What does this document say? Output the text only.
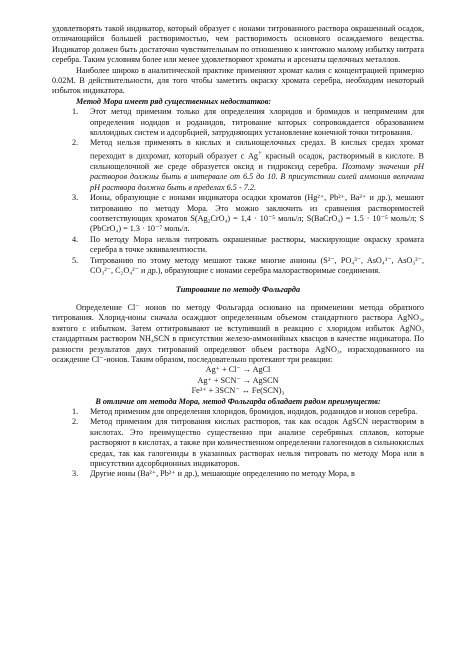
удовлетворять такой индикатор, который образует с ионами титрованного раствора окрашенный осадок, отличающийся большей растворимостью, чем растворимость основного осаждаемого вещества. Индикатор должен быть достаточно чувствительным по отношению к ничтожно малому избытку нитрата серебра. Таким условиям более или менее удовлетворяют хроматы и арсенаты щелочных металлов.

Наиболее широко в аналитической практике применяют хромат калия с концентрацией примерно 0.02М. В действительности, для того чтобы заметить окраску хромата серебра, необходим некоторый избыток индикатора.

Метод Мора имеет ряд существенных недостатков:

1. Этот метод применим только для определения хлоридов и бромидов и неприменим для определения иодидов и роданидов, титрование которых сопровождается образованием коллоидных систем и адсорбцией, затрудняющих установление конечной точки титрования.
2. Метод нельзя применять в кислых и сильнощелочных средах. В кислых средах хромат переходит в дихромат, который образует с Ag+ красный осадок, растворимый в кислоте. В сильнощелочной же среде образуется оксид и гидроксид серебра. Поэтому значения pH растворов должны быть в интервале от 6.5 до 10. В присутствии солей аммония величина pH раствора должна быть в пределах 6.5 - 7.2.
3. Ионы, образующие с ионами индикатора осадки хроматов (Hg²⁺, Pb²⁺, Ba²⁺ и др.), мешают титрованию по методу Мора. Это можно заключить из сравнения растворимостей соответствующих хроматов S(Ag₂CrO₄) = 1,4 · 10⁻⁵ моль/л; S(BaCrO₄) = 1.5 · 10⁻⁵ моль/л; S (PbCrO₄) = 1.3 · 10⁻⁷ моль/л.
4. По методу Мора нельзя титровать окрашенные растворы, маскирующие окраску хромата серебра в точке эквивалентности.
5. Титрованию по этому методу мешают также многие анионы (S²⁻, PO₄³⁻, AsO₄³⁻, AsO₃³⁻, CO₃²⁻, C₂O₄²⁻ и др.), образующие с ионами серебра малорастворимые соединения.

Титрование по методу Фольгарда

Определение Cl⁻ ионов по методу Фольгарда основано на применении метода обратного титрования. Хлорид-ионы сначала осаждают определенным объемом стандартного раствора AgNO₃, взятого с избытком. Затем оттитровывают не вступивший в реакцию с хлоридом избыток AgNO₃ стандартным раствором NH₄SCN в присутствии железо-аммонийных квасцов в качестве индикатора. По разности результатов двух титрований определяют объем раствора AgNO₃, израсходованного на осаждение Cl⁻-ионов. Таким образом, последовательно протекают три реакции:

Ag⁺ + Cl⁻ → AgCl

Ag⁺ + SCN⁻ → AgSCN

Fe³⁺ + 3SCN⁻ ↔ Fe(SCN)₃

В отличие от метода Мора, метод Фольгарда обладает рядом преимуществ:

1. Метод применим для определения хлоридов, бромидов, иодидов, роданидов и ионов серебра.
2. Метод применим для титрования кислых растворов, так как осадок AgSCN нерастворим в кислотах. Это преимущество существенно при анализе серебряных сплавов, которые растворяют в кислотах, а также при количественном определении галогенидов в сильнокислых средах, так как галогениды в указанных растворах нельзя титровать по методу Мора или в присутствии адсорбционных индикаторов.
3. Другие ионы (Ba²⁺, Pb²⁺ и др.), мешающие определению по методу Мора, в
